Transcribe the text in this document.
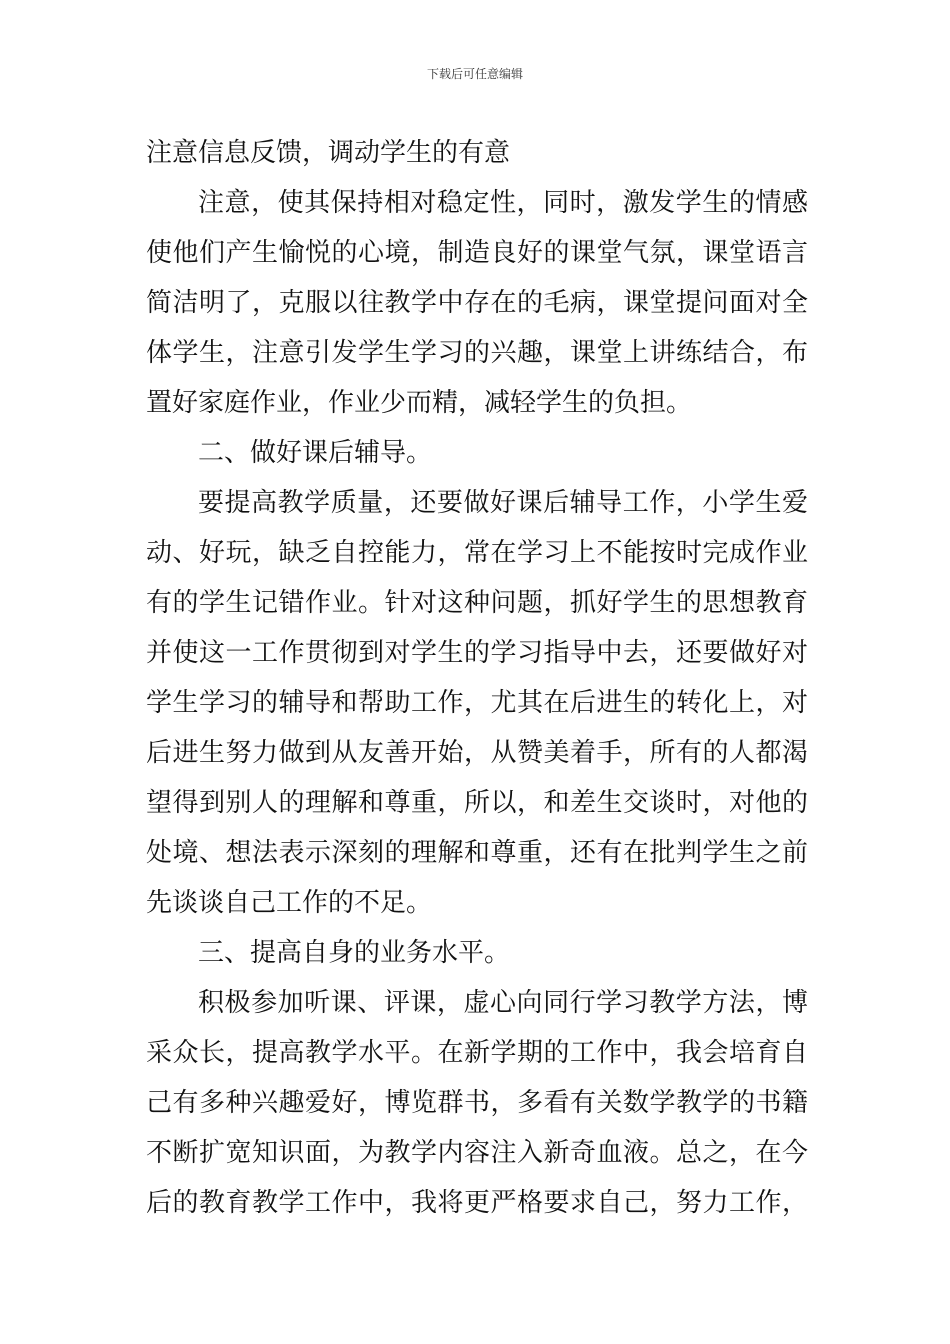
下载后可任意编辑
注意信息反馈，调动学生的有意
注意，使其保持相对稳定性，同时，激发学生的情感
使他们产生愉悦的心境，制造良好的课堂气氛，课堂语言
简洁明了，克服以往教学中存在的毛病，课堂提问面对全
体学生，注意引发学生学习的兴趣，课堂上讲练结合，布
置好家庭作业，作业少而精，减轻学生的负担。
二、做好课后辅导。
要提高教学质量，还要做好课后辅导工作，小学生爱
动、好玩，缺乏自控能力，常在学习上不能按时完成作业
有的学生记错作业。针对这种问题，抓好学生的思想教育
并使这一工作贯彻到对学生的学习指导中去，还要做好对
学生学习的辅导和帮助工作，尤其在后进生的转化上，对
后进生努力做到从友善开始，从赞美着手，所有的人都渴
望得到别人的理解和尊重，所以，和差生交谈时，对他的
处境、想法表示深刻的理解和尊重，还有在批判学生之前
先谈谈自己工作的不足。
三、提高自身的业务水平。
积极参加听课、评课，虚心向同行学习教学方法，博
采众长，提高教学水平。在新学期的工作中，我会培育自
己有多种兴趣爱好，博览群书，多看有关数学教学的书籍
不断扩宽知识面，为教学内容注入新奇血液。总之，在今
后的教育教学工作中，我将更严格要求自己，努力工作，
